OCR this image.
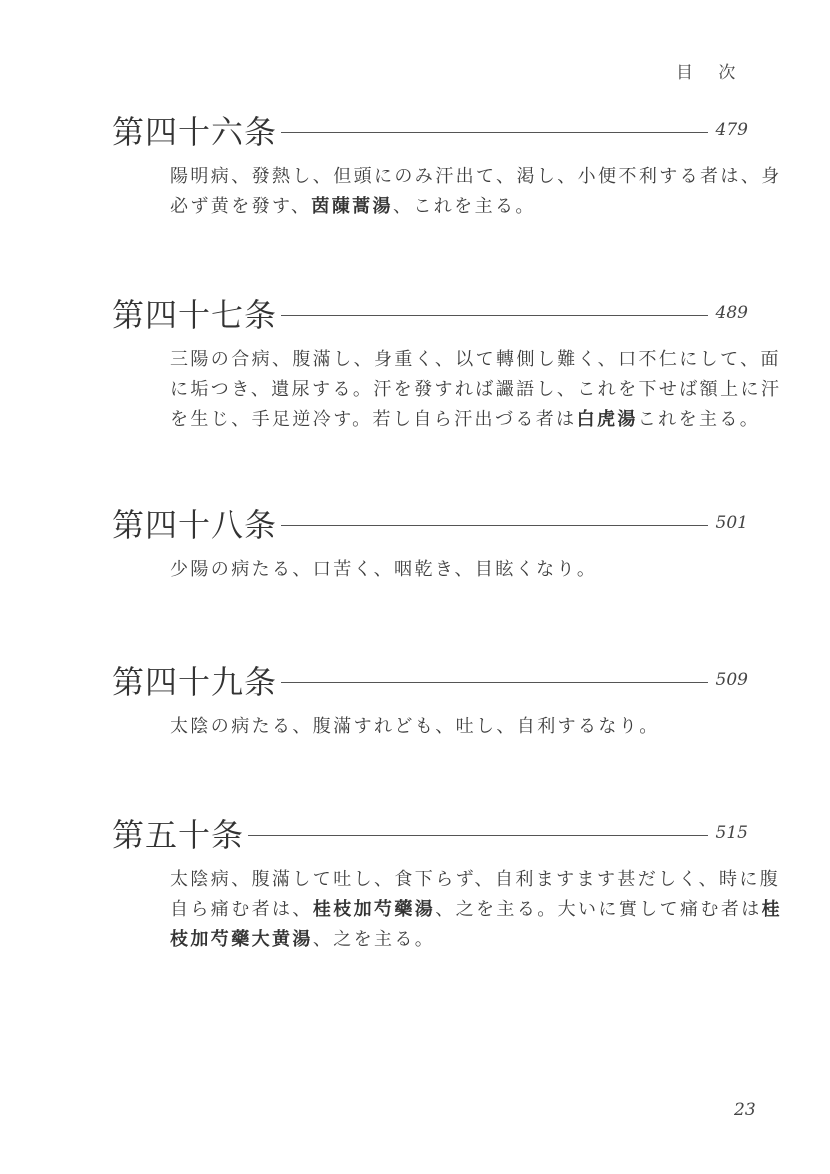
目 次
第四十六条	479
陽明病、發熱し、但頭にのみ汗出て、渇し、小便不利する者は、身
必ず黄を發す、茵蔯蒿湯、これを主る。
第四十七条	489
三陽の合病、腹滿し、身重く、以て轉側し難く、口不仁にして、面
に垢つき、遺尿する。汗を發すれば讝語し、これを下せば額上に汗
を生じ、手足逆冷す。若し自ら汗出づる者は白虎湯これを主る。
第四十八条	501
少陽の病たる、口苦く、咽乾き、目眩くなり。
第四十九条	509
太陰の病たる、腹滿すれども、吐し、自利するなり。
第五十条	515
太陰病、腹滿して吐し、食下らず、自利ますます甚だしく、時に腹
自ら痛む者は、桂枝加芍藥湯、之を主る。大いに實して痛む者は桂
枝加芍藥大黄湯、之を主る。
23
